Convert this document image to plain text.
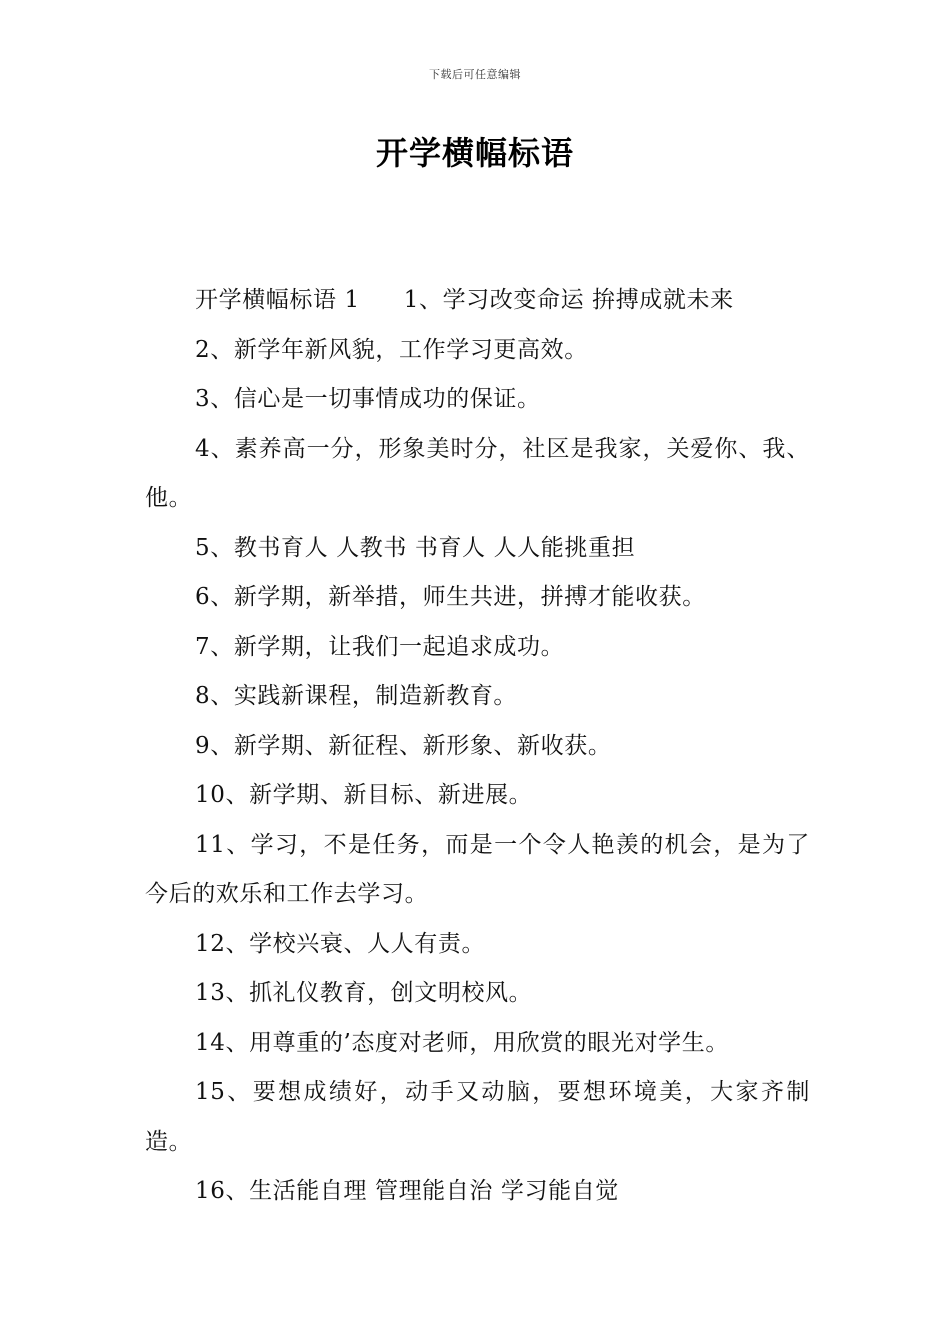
下载后可任意编辑
开学横幅标语

开学横幅标语 1 1、学习改变命运 拚搏成就未来

2、新学年新风貌，工作学习更高效。

3、信心是一切事情成功的保证。

4、素养高一分，形象美时分，社区是我家，关爱你、我、他。

5、教书育人 人教书 书育人 人人能挑重担

6、新学期，新举措，师生共进，拼搏才能收获。

7、新学期，让我们一起追求成功。

8、实践新课程，制造新教育。

9、新学期、新征程、新形象、新收获。

10、新学期、新目标、新进展。

11、学习，不是任务，而是一个令人艳羡的机会，是为了今后的欢乐和工作去学习。

12、学校兴衰、人人有责。

13、抓礼仪教育，创文明校风。

14、用尊重的’态度对老师，用欣赏的眼光对学生。

15、要想成绩好，动手又动脑，要想环境美，大家齐制造。

16、生活能自理 管理能自治 学习能自觉
